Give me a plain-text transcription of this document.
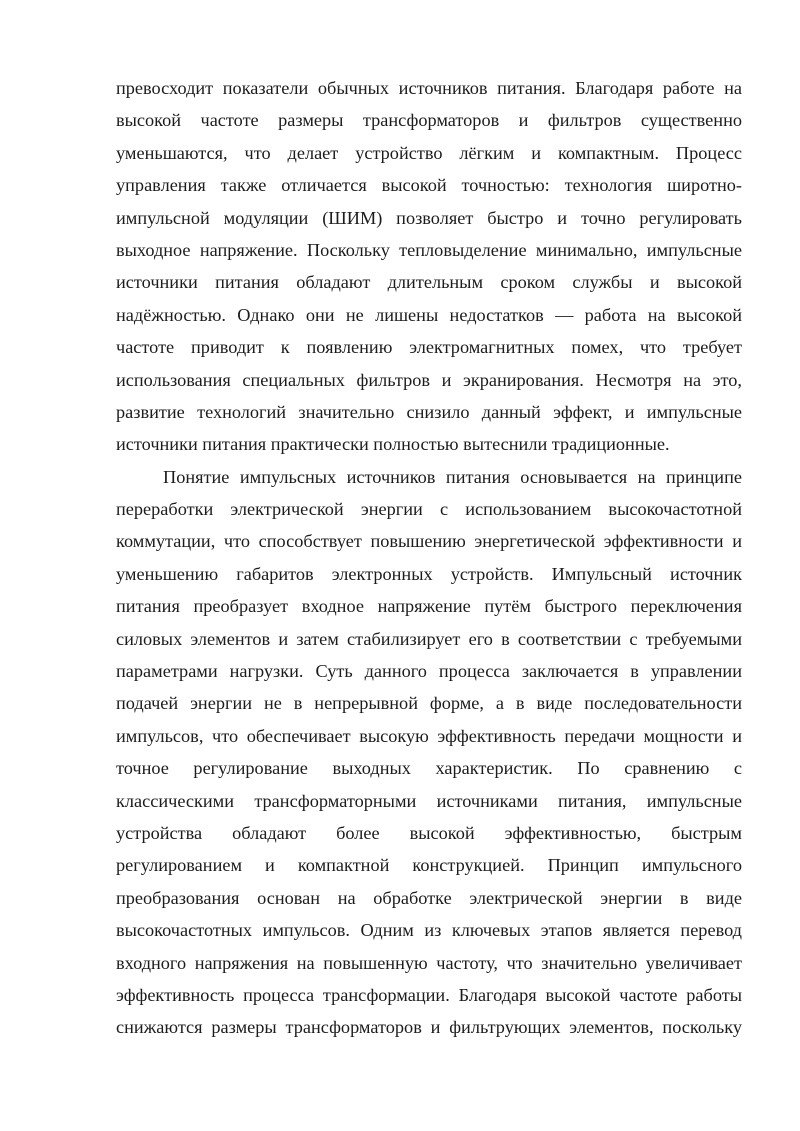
превосходит показатели обычных источников питания. Благодаря работе на
высокой частоте размеры трансформаторов и фильтров существенно
уменьшаются, что делает устройство лёгким и компактным. Процесс
управления также отличается высокой точностью: технология широтно-
импульсной модуляции (ШИМ) позволяет быстро и точно регулировать
выходное напряжение. Поскольку тепловыделение минимально, импульсные
источники питания обладают длительным сроком службы и высокой
надёжностью. Однако они не лишены недостатков — работа на высокой
частоте приводит к появлению электромагнитных помех, что требует
использования специальных фильтров и экранирования. Несмотря на это,
развитие технологий значительно снизило данный эффект, и импульсные
источники питания практически полностью вытеснили традиционные.
Понятие импульсных источников питания основывается на принципе
переработки электрической энергии с использованием высокочастотной
коммутации, что способствует повышению энергетической эффективности и
уменьшению габаритов электронных устройств. Импульсный источник
питания преобразует входное напряжение путём быстрого переключения
силовых элементов и затем стабилизирует его в соответствии с требуемыми
параметрами нагрузки. Суть данного процесса заключается в управлении
подачей энергии не в непрерывной форме, а в виде последовательности
импульсов, что обеспечивает высокую эффективность передачи мощности и
точное регулирование выходных характеристик. По сравнению с
классическими трансформаторными источниками питания, импульсные
устройства обладают более высокой эффективностью, быстрым
регулированием и компактной конструкцией. Принцип импульсного
преобразования основан на обработке электрической энергии в виде
высокочастотных импульсов. Одним из ключевых этапов является перевод
входного напряжения на повышенную частоту, что значительно увеличивает
эффективность процесса трансформации. Благодаря высокой частоте работы
снижаются размеры трансформаторов и фильтрующих элементов, поскольку
